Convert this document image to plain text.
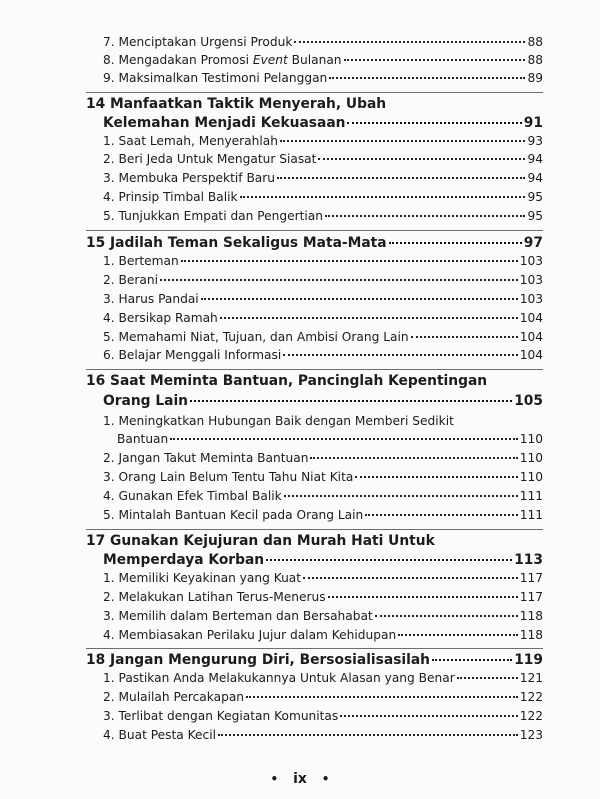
7. Menciptakan Urgensi Produk	88
8. Mengadakan Promosi Event Bulanan	88
9. Maksimalkan Testimoni Pelanggan	89
14 Manfaatkan Taktik Menyerah, Ubah
Kelemahan Menjadi Kekuasaan	91
1. Saat Lemah, Menyerahlah	93
2. Beri Jeda Untuk Mengatur Siasat	94
3. Membuka Perspektif Baru	94
4. Prinsip Timbal Balik	95
5. Tunjukkan Empati dan Pengertian	95
15 Jadilah Teman Sekaligus Mata-Mata	97
1. Berteman	103
2. Berani	103
3. Harus Pandai	103
4. Bersikap Ramah	104
5. Memahami Niat, Tujuan, dan Ambisi Orang Lain	104
6. Belajar Menggali Informasi	104
16 Saat Meminta Bantuan, Pancinglah Kepentingan
Orang Lain	105
1. Meningkatkan Hubungan Baik dengan Memberi Sedikit
Bantuan	110
2. Jangan Takut Meminta Bantuan	110
3. Orang Lain Belum Tentu Tahu Niat Kita	110
4. Gunakan Efek Timbal Balik	111
5. Mintalah Bantuan Kecil pada Orang Lain	111
17 Gunakan Kejujuran dan Murah Hati Untuk
Memperdaya Korban	113
1. Memiliki Keyakinan yang Kuat	117
2. Melakukan Latihan Terus-Menerus	117
3. Memilih dalam Berteman dan Bersahabat	118
4. Membiasakan Perilaku Jujur dalam Kehidupan	118
18 Jangan Mengurung Diri, Bersosialisasilah	119
1. Pastikan Anda Melakukannya Untuk Alasan yang Benar	121
2. Mulailah Percakapan	122
3. Terlibat dengan Kegiatan Komunitas	122
4. Buat Pesta Kecil	123
• ix •
